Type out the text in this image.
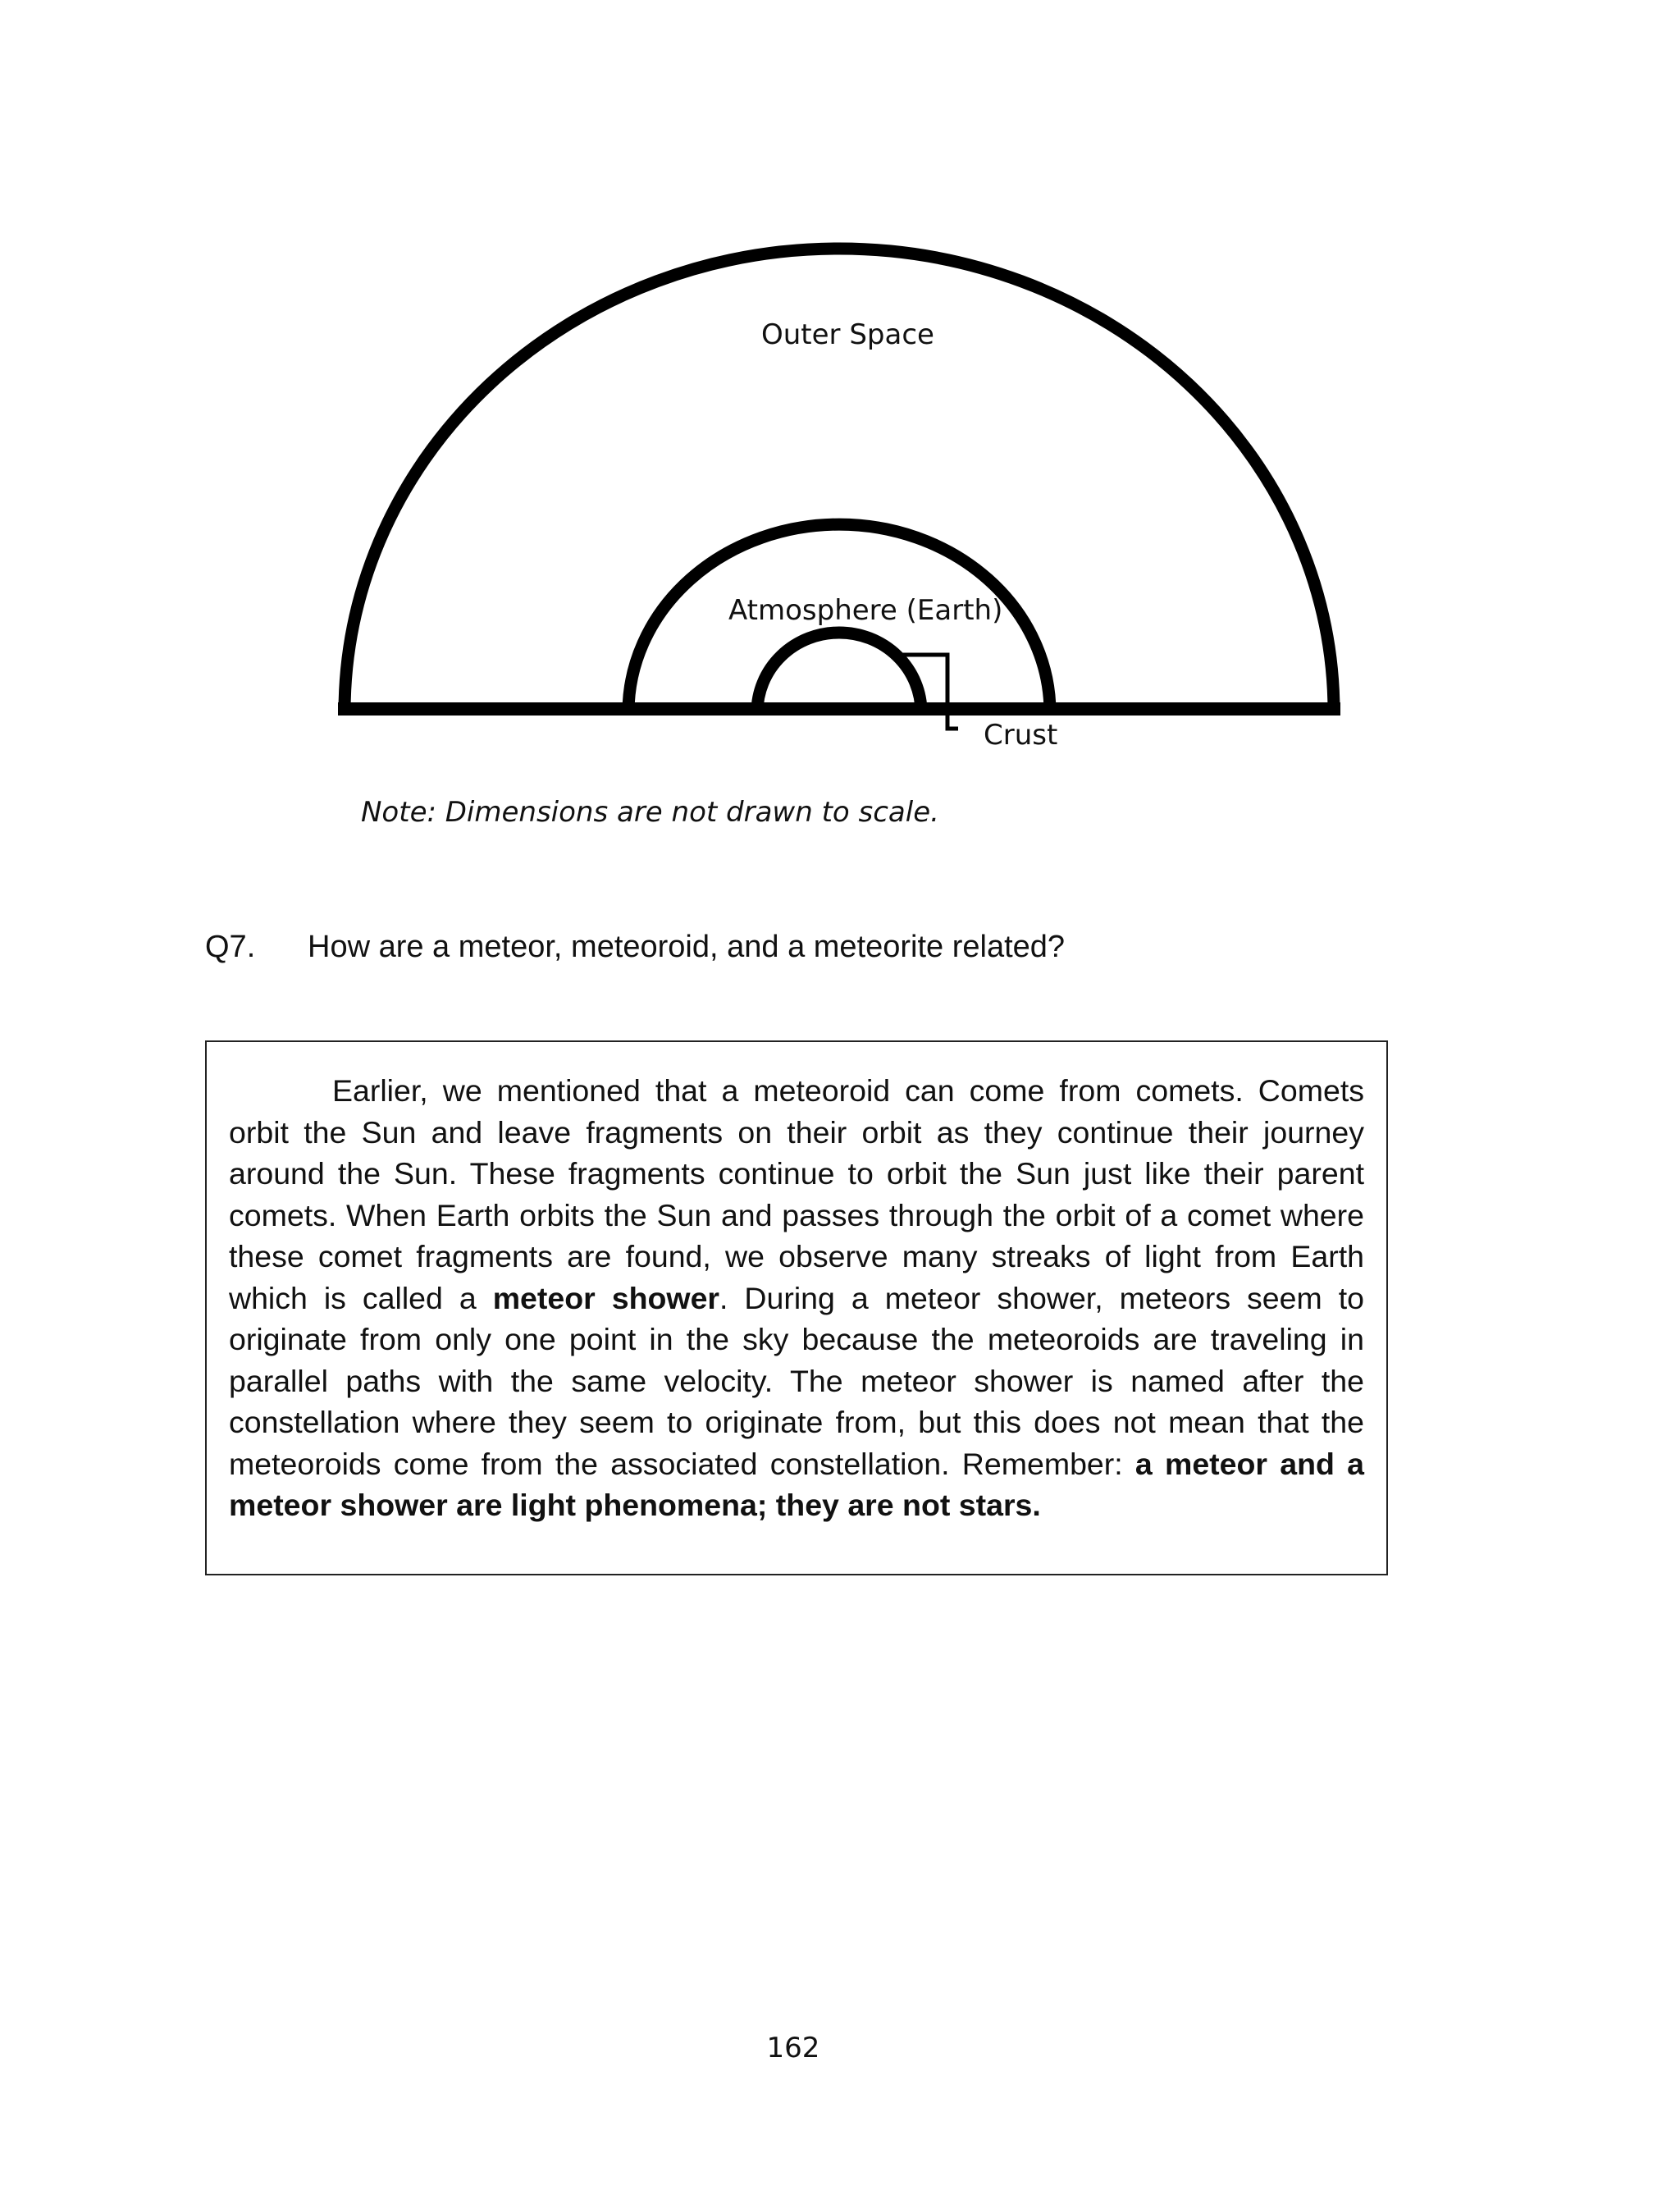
Outer Space
Atmosphere (Earth)
Crust
Note: Dimensions are not drawn to scale.
Q7. How are a meteor, meteoroid, and a meteorite related?

Earlier, we mentioned that a meteoroid can come from comets. Comets orbit the Sun and leave fragments on their orbit as they continue their journey around the Sun. These fragments continue to orbit the Sun just like their parent comets. When Earth orbits the Sun and passes through the orbit of a comet where these comet fragments are found, we observe many streaks of light from Earth which is called a meteor shower. During a meteor shower, meteors seem to originate from only one point in the sky because the meteoroids are traveling in parallel paths with the same velocity. The meteor shower is named after the constellation where they seem to originate from, but this does not mean that the meteoroids come from the associated constellation. Remember: a meteor and a meteor shower are light phenomena; they are not stars.

162
